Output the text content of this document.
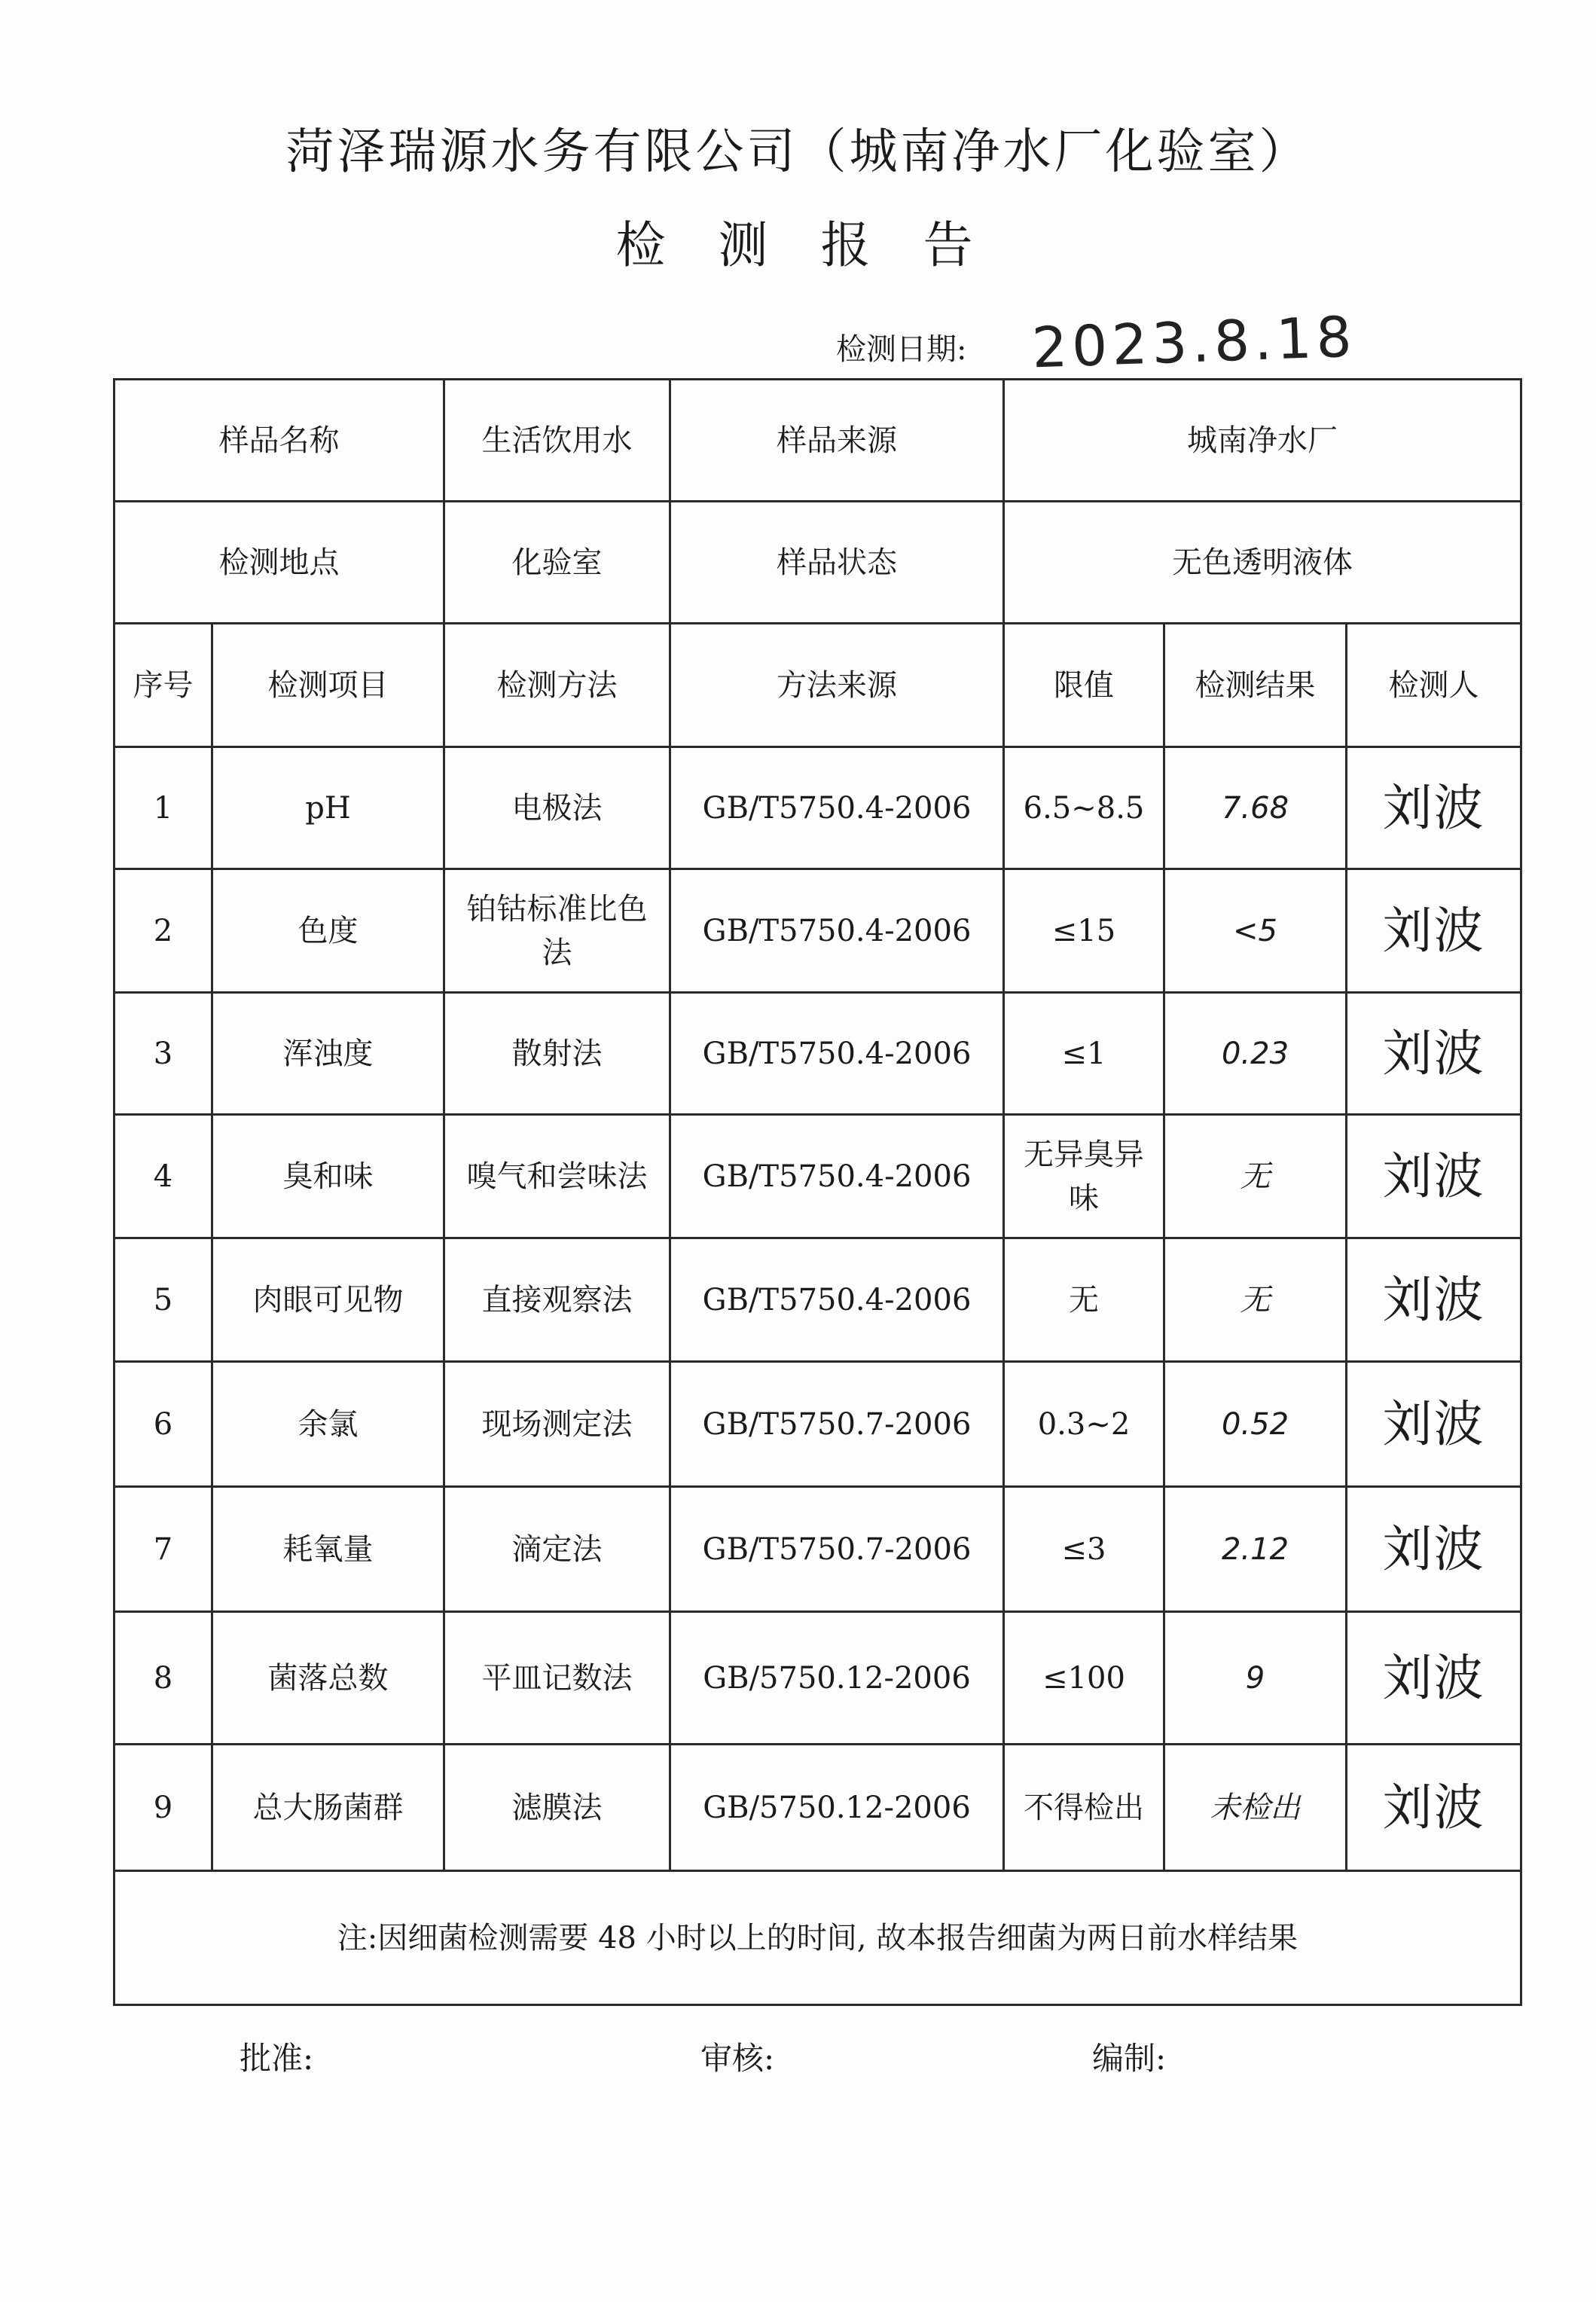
菏泽瑞源水务有限公司（城南净水厂化验室）
检测报告
检测日期: 2023.8.18
样品名称		生活饮用水	样品来源	城南净水厂		
检测地点		化验室	样品状态	无色透明液体		
序号	检测项目	检测方法	方法来源	限值	检测结果	检测人
1	pH	电极法	GB/T5750.4-2006	6.5~8.5	7.68	刘波
2	色度	铂钴标准比色法	GB/T5750.4-2006	≤15	<5	刘波
3	浑浊度	散射法	GB/T5750.4-2006	≤1	0.23	刘波
4	臭和味	嗅气和尝味法	GB/T5750.4-2006	无异臭异味	无	刘波
5	肉眼可见物	直接观察法	GB/T5750.4-2006	无	无	刘波
6	余氯	现场测定法	GB/T5750.7-2006	0.3~2	0.52	刘波
7	耗氧量	滴定法	GB/T5750.7-2006	≤3	2.12	刘波
8	菌落总数	平皿记数法	GB/5750.12-2006	≤100	9	刘波
9	总大肠菌群	滤膜法	GB/5750.12-2006	不得检出	未检出	刘波
注:因细菌检测需要 48 小时以上的时间, 故本报告细菌为两日前水样结果						
批准:	审核:	编制:
